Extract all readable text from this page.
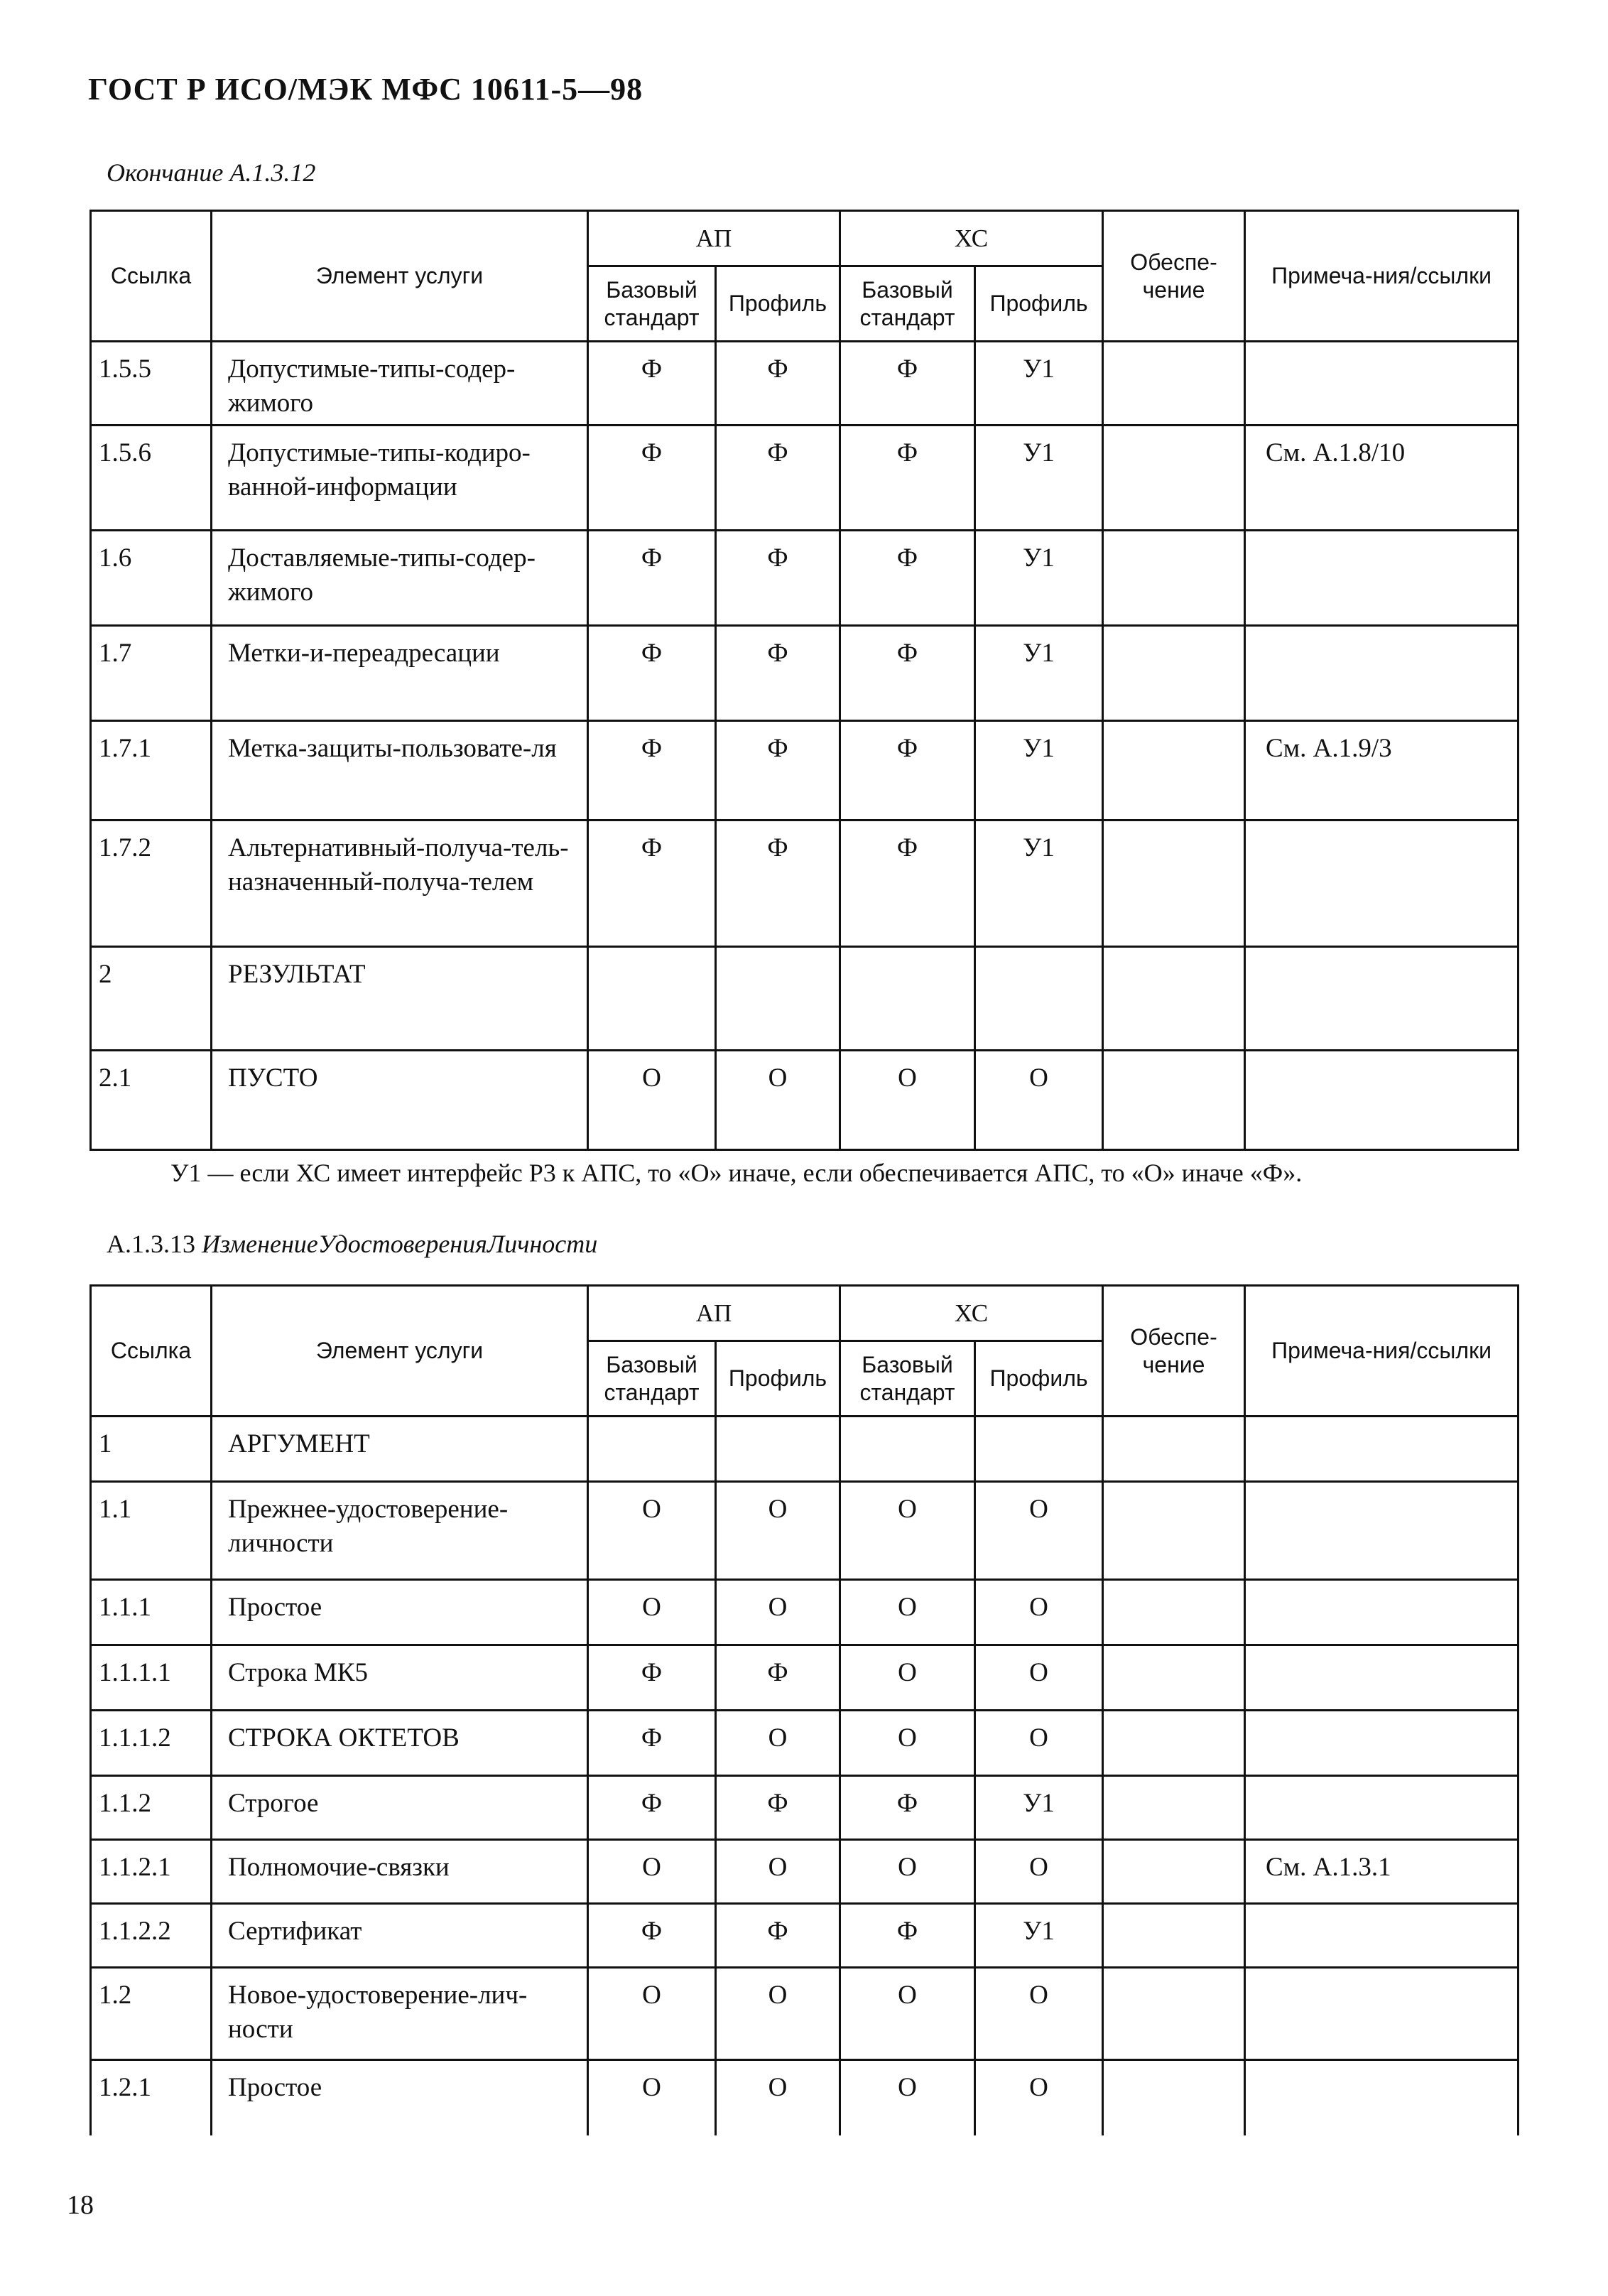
ГОСТ Р ИСО/МЭК МФС 10611-5—98
Окончание А.1.3.12
Ссылка	Элемент услуги	АП		ХС		Обеспе-чение	Примеча-ния/ссылки
		Базовый стандарт	Профиль	Базовый стандарт	Профиль		
1.5.5	Допустимые-типы-содер-жимого	Ф	Ф	Ф	У1		
1.5.6	Допустимые-типы-кодиро-ванной-информации	Ф	Ф	Ф	У1		См. А.1.8/10
1.6	Доставляемые-типы-содер-жимого	Ф	Ф	Ф	У1		
1.7	Метки-и-переадресации	Ф	Ф	Ф	У1		
1.7.1	Метка-защиты-пользовате-ля	Ф	Ф	Ф	У1		См. А.1.9/3
1.7.2	Альтернативный-получа-тель-назначенный-получа-телем	Ф	Ф	Ф	У1		
2	РЕЗУЛЬТАТ						
2.1	ПУСТО	О	О	О	О		
У1 — если ХС имеет интерфейс Р3 к АПС, то «О» иначе, если обеспечивается АПС, то «О» иначе «Ф».
А.1.3.13 ИзменениеУдостоверенияЛичности
Ссылка	Элемент услуги	АП		ХС		Обеспе-чение	Примеча-ния/ссылки
		Базовый стандарт	Профиль	Базовый стандарт	Профиль		
1	АРГУМЕНТ						
1.1	Прежнее-удостоверение-личности	О	О	О	О		
1.1.1	Простое	О	О	О	О		
1.1.1.1	Строка МК5	Ф	Ф	О	О		
1.1.1.2	СТРОКА ОКТЕТОВ	Ф	О	О	О		
1.1.2	Строгое	Ф	Ф	Ф	У1		
1.1.2.1	Полномочие-связки	О	О	О	О		См. А.1.3.1
1.1.2.2	Сертификат	Ф	Ф	Ф	У1		
1.2	Новое-удостоверение-лич-ности	О	О	О	О		
1.2.1	Простое	О	О	О	О		
18
